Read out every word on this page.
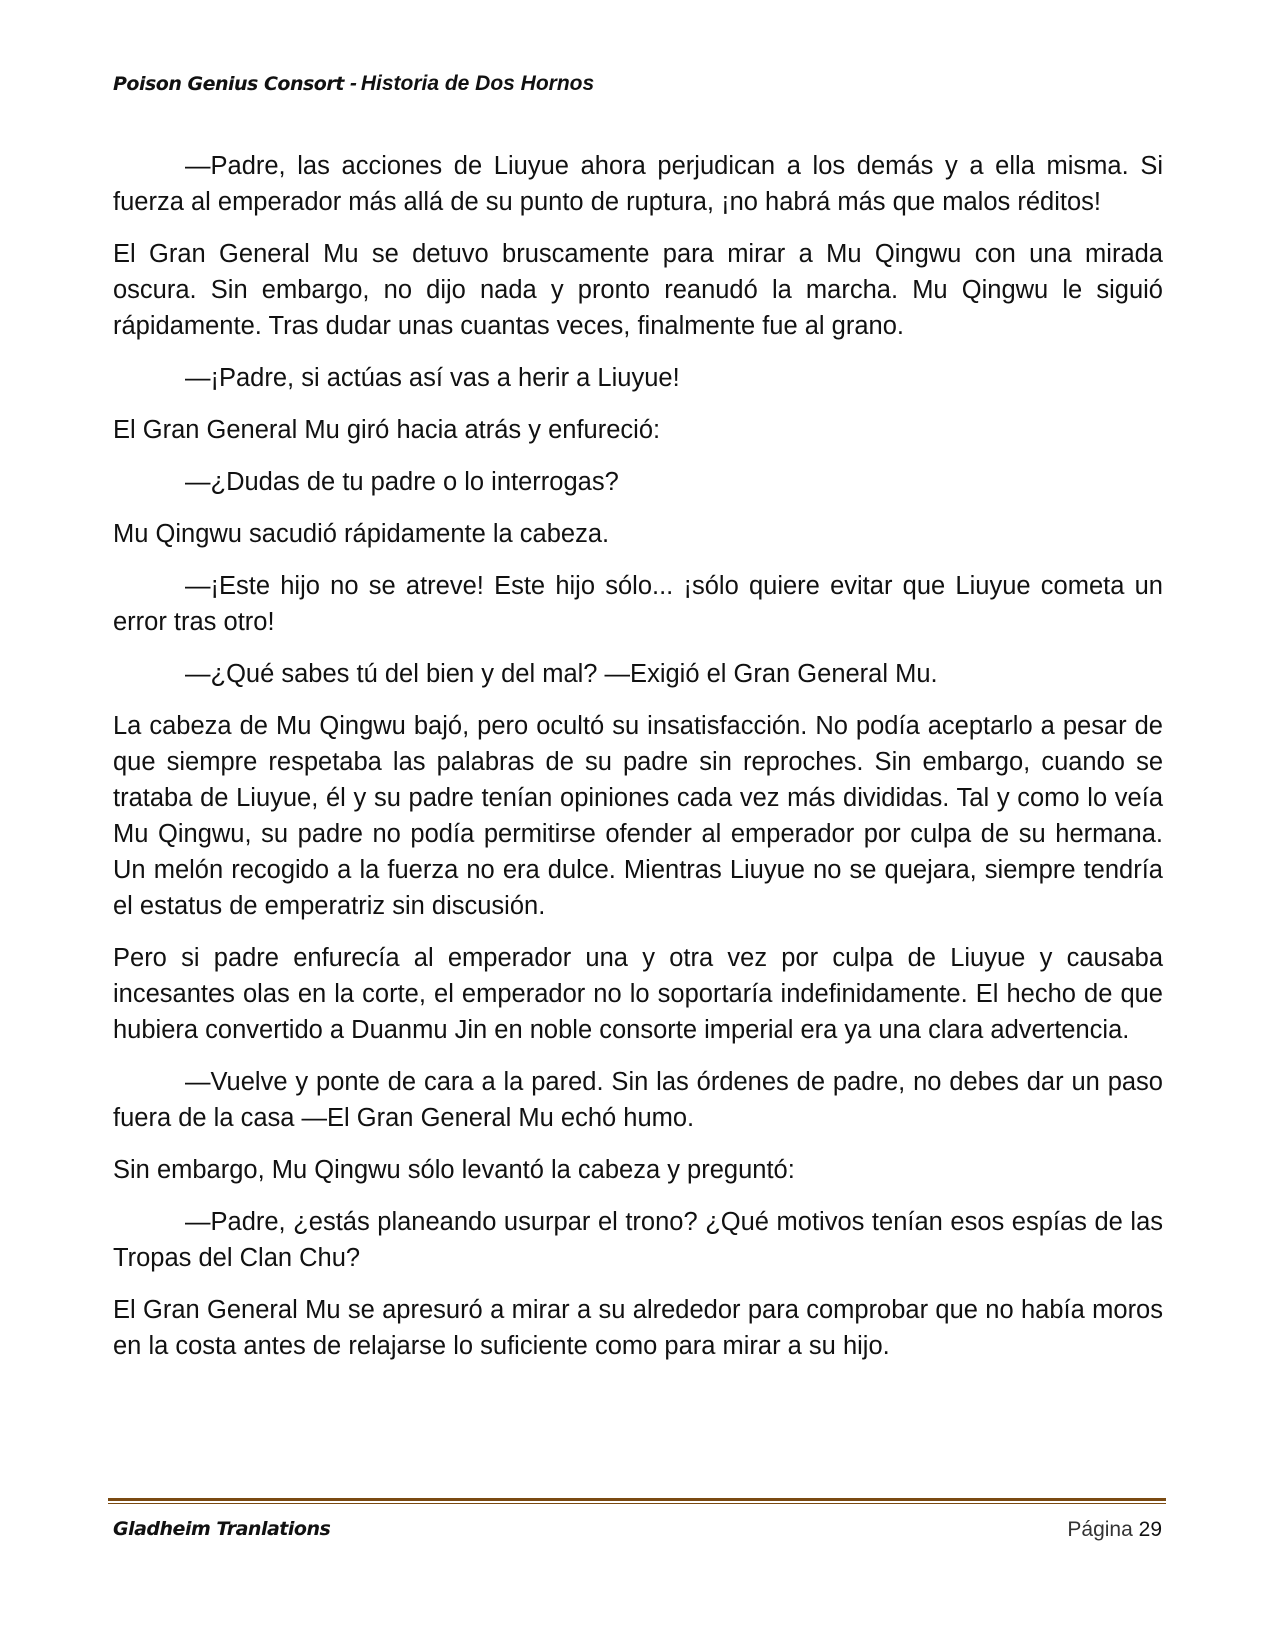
Poison Genius Consort - Historia de Dos Hornos

—Padre, las acciones de Liuyue ahora perjudican a los demás y a ella misma. Si fuerza al emperador más allá de su punto de ruptura, ¡no habrá más que malos réditos!

El Gran General Mu se detuvo bruscamente para mirar a Mu Qingwu con una mirada oscura. Sin embargo, no dijo nada y pronto reanudó la marcha. Mu Qingwu le siguió rápidamente. Tras dudar unas cuantas veces, finalmente fue al grano.

—¡Padre, si actúas así vas a herir a Liuyue!

El Gran General Mu giró hacia atrás y enfureció:

—¿Dudas de tu padre o lo interrogas?

Mu Qingwu sacudió rápidamente la cabeza.

—¡Este hijo no se atreve! Este hijo sólo... ¡sólo quiere evitar que Liuyue cometa un error tras otro!

—¿Qué sabes tú del bien y del mal? —Exigió el Gran General Mu.

La cabeza de Mu Qingwu bajó, pero ocultó su insatisfacción. No podía aceptarlo a pesar de que siempre respetaba las palabras de su padre sin reproches. Sin embargo, cuando se trataba de Liuyue, él y su padre tenían opiniones cada vez más divididas. Tal y como lo veía Mu Qingwu, su padre no podía permitirse ofender al emperador por culpa de su hermana. Un melón recogido a la fuerza no era dulce. Mientras Liuyue no se quejara, siempre tendría el estatus de emperatriz sin discusión.

Pero si padre enfurecía al emperador una y otra vez por culpa de Liuyue y causaba incesantes olas en la corte, el emperador no lo soportaría indefinidamente. El hecho de que hubiera convertido a Duanmu Jin en noble consorte imperial era ya una clara advertencia.

—Vuelve y ponte de cara a la pared. Sin las órdenes de padre, no debes dar un paso fuera de la casa —El Gran General Mu echó humo.

Sin embargo, Mu Qingwu sólo levantó la cabeza y preguntó:

—Padre, ¿estás planeando usurpar el trono? ¿Qué motivos tenían esos espías de las Tropas del Clan Chu?

El Gran General Mu se apresuró a mirar a su alrededor para comprobar que no había moros en la costa antes de relajarse lo suficiente como para mirar a su hijo.

Gladheim Tranlations	Página 29
